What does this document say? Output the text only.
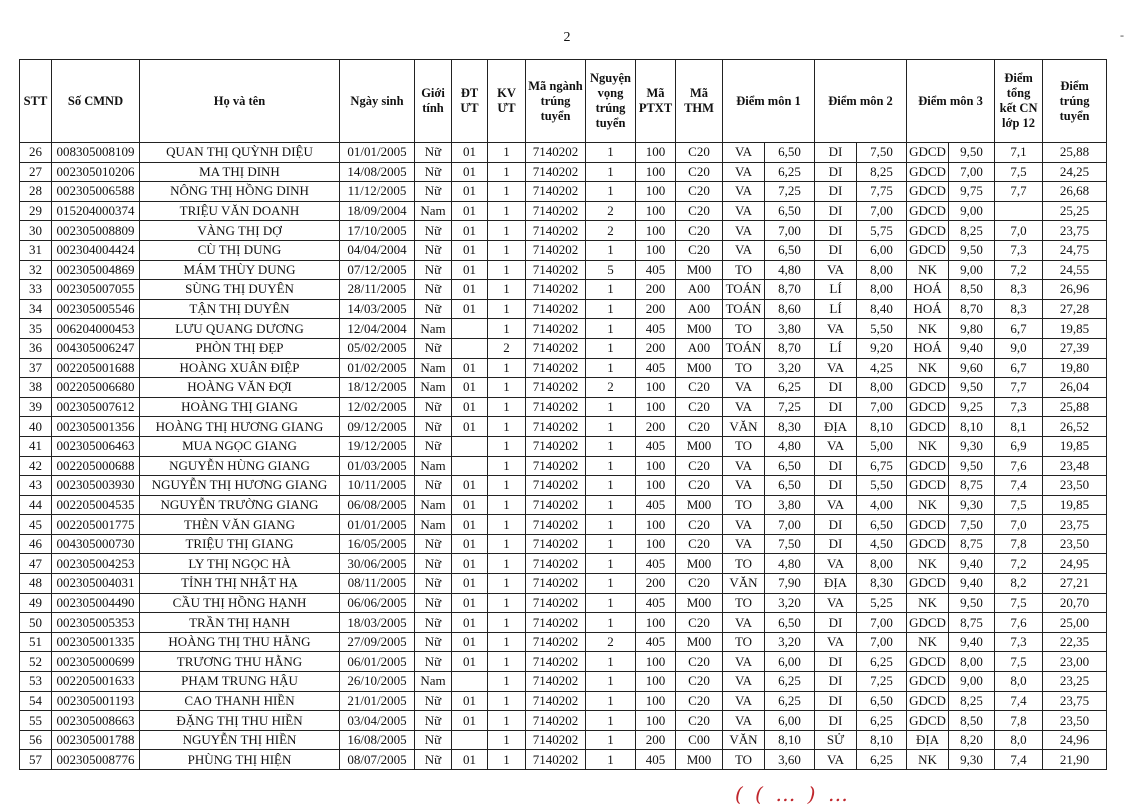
2	-
STT	Số CMND	Họ và tên	Ngày sinh	Giới tính	ĐT ƯT	KV ƯT	Mã ngành trúng tuyển	Nguyện vọng trúng tuyển	Mã PTXT	Mã THM	Điểm môn 1		Điểm môn 2		Điểm môn 3		Điểm tổng kết CN lớp 12	Điểm trúng tuyển
26	008305008109	QUAN THỊ QUỲNH DIỆU	01/01/2005	Nữ	01	1	7140202	1	100	C20	VA	6,50	DI	7,50	GDCD	9,50	7,1	25,88
27	002305010206	MA THỊ DINH	14/08/2005	Nữ	01	1	7140202	1	100	C20	VA	6,25	DI	8,25	GDCD	7,00	7,5	24,25
28	002305006588	NÔNG THỊ HỒNG DINH	11/12/2005	Nữ	01	1	7140202	1	100	C20	VA	7,25	DI	7,75	GDCD	9,75	7,7	26,68
29	015204000374	TRIỆU VĂN DOANH	18/09/2004	Nam	01	1	7140202	2	100	C20	VA	6,50	DI	7,00	GDCD	9,00		25,25
30	002305008809	VÀNG THỊ DỢ	17/10/2005	Nữ	01	1	7140202	2	100	C20	VA	7,00	DI	5,75	GDCD	8,25	7,0	23,75
31	002304004424	CÙ THỊ DUNG	04/04/2004	Nữ	01	1	7140202	1	100	C20	VA	6,50	DI	6,00	GDCD	9,50	7,3	24,75
32	002305004869	MÁM THÙY DUNG	07/12/2005	Nữ	01	1	7140202	5	405	M00	TO	4,80	VA	8,00	NK	9,00	7,2	24,55
33	002305007055	SÙNG THỊ DUYÊN	28/11/2005	Nữ	01	1	7140202	1	200	A00	TOÁN	8,70	LÍ	8,00	HOÁ	8,50	8,3	26,96
34	002305005546	TẬN THỊ DUYÊN	14/03/2005	Nữ	01	1	7140202	1	200	A00	TOÁN	8,60	LÍ	8,40	HOÁ	8,70	8,3	27,28
35	006204000453	LƯU QUANG DƯƠNG	12/04/2004	Nam		1	7140202	1	405	M00	TO	3,80	VA	5,50	NK	9,80	6,7	19,85
36	004305006247	PHÒN THỊ ĐẸP	05/02/2005	Nữ		2	7140202	1	200	A00	TOÁN	8,70	LÍ	9,20	HOÁ	9,40	9,0	27,39
37	002205001688	HOÀNG XUÂN ĐIỆP	01/02/2005	Nam	01	1	7140202	1	405	M00	TO	3,20	VA	4,25	NK	9,60	6,7	19,80
38	002205006680	HOÀNG VĂN ĐỢI	18/12/2005	Nam	01	1	7140202	2	100	C20	VA	6,25	DI	8,00	GDCD	9,50	7,7	26,04
39	002305007612	HOÀNG THỊ GIANG	12/02/2005	Nữ	01	1	7140202	1	100	C20	VA	7,25	DI	7,00	GDCD	9,25	7,3	25,88
40	002305001356	HOÀNG THỊ HƯƠNG GIANG	09/12/2005	Nữ	01	1	7140202	1	200	C20	VĂN	8,30	ĐỊA	8,10	GDCD	8,10	8,1	26,52
41	002305006463	MUA NGỌC GIANG	19/12/2005	Nữ		1	7140202	1	405	M00	TO	4,80	VA	5,00	NK	9,30	6,9	19,85
42	002205000688	NGUYỄN HÙNG GIANG	01/03/2005	Nam		1	7140202	1	100	C20	VA	6,50	DI	6,75	GDCD	9,50	7,6	23,48
43	002305003930	NGUYỄN THỊ HƯƠNG GIANG	10/11/2005	Nữ	01	1	7140202	1	100	C20	VA	6,50	DI	5,50	GDCD	8,75	7,4	23,50
44	002205004535	NGUYỄN TRƯỜNG GIANG	06/08/2005	Nam	01	1	7140202	1	405	M00	TO	3,80	VA	4,00	NK	9,30	7,5	19,85
45	002205001775	THÈN VĂN GIANG	01/01/2005	Nam	01	1	7140202	1	100	C20	VA	7,00	DI	6,50	GDCD	7,50	7,0	23,75
46	004305000730	TRIỆU THỊ GIANG	16/05/2005	Nữ	01	1	7140202	1	100	C20	VA	7,50	DI	4,50	GDCD	8,75	7,8	23,50
47	002305004253	LY THỊ NGỌC HÀ	30/06/2005	Nữ	01	1	7140202	1	405	M00	TO	4,80	VA	8,00	NK	9,40	7,2	24,95
48	002305004031	TỈNH THỊ NHẬT HẠ	08/11/2005	Nữ	01	1	7140202	1	200	C20	VĂN	7,90	ĐỊA	8,30	GDCD	9,40	8,2	27,21
49	002305004490	CẦU THỊ HỒNG HẠNH	06/06/2005	Nữ	01	1	7140202	1	405	M00	TO	3,20	VA	5,25	NK	9,50	7,5	20,70
50	002305005353	TRẦN THỊ HẠNH	18/03/2005	Nữ	01	1	7140202	1	100	C20	VA	6,50	DI	7,00	GDCD	8,75	7,6	25,00
51	002305001335	HOÀNG THỊ THU HẰNG	27/09/2005	Nữ	01	1	7140202	2	405	M00	TO	3,20	VA	7,00	NK	9,40	7,3	22,35
52	002305000699	TRƯƠNG THU HẰNG	06/01/2005	Nữ	01	1	7140202	1	100	C20	VA	6,00	DI	6,25	GDCD	8,00	7,5	23,00
53	002205001633	PHẠM TRUNG HẬU	26/10/2005	Nam		1	7140202	1	100	C20	VA	6,25	DI	7,25	GDCD	9,00	8,0	23,25
54	002305001193	CAO THANH HIỀN	21/01/2005	Nữ	01	1	7140202	1	100	C20	VA	6,25	DI	6,50	GDCD	8,25	7,4	23,75
55	002305008663	ĐẶNG THỊ THU HIỀN	03/04/2005	Nữ	01	1	7140202	1	100	C20	VA	6,00	DI	6,25	GDCD	8,50	7,8	23,50
56	002305001788	NGUYỄN THỊ HIỀN	16/08/2005	Nữ		1	7140202	1	200	C00	VĂN	8,10	SỬ	8,10	ĐỊA	8,20	8,0	24,96
57	002305008776	PHÙNG THỊ HIỆN	08/07/2005	Nữ	01	1	7140202	1	405	M00	TO	3,60	VA	6,25	NK	9,30	7,4	21,90
( ( … ) …
